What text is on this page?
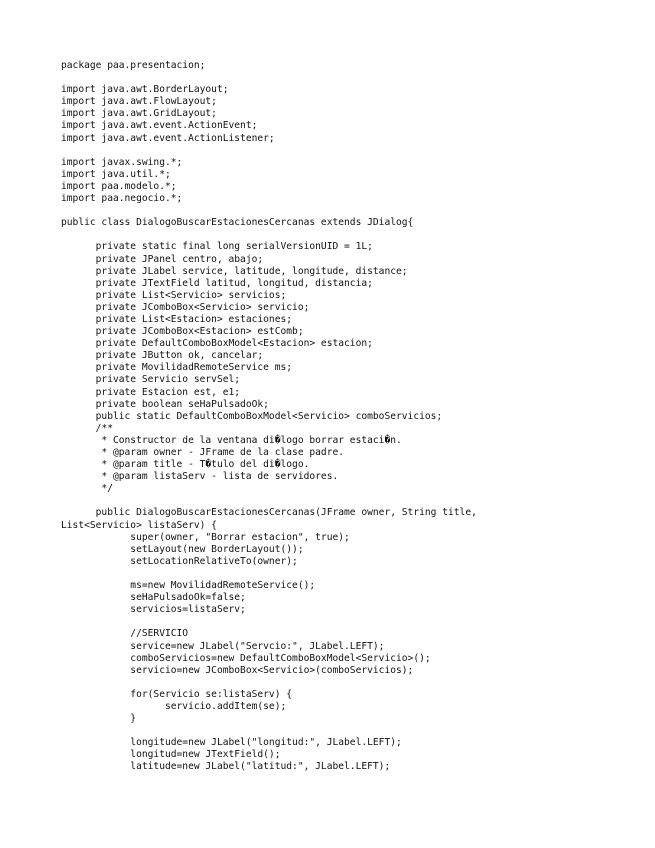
package paa.presentacion;
import java.awt.BorderLayout;
import java.awt.FlowLayout;
import java.awt.GridLayout;
import java.awt.event.ActionEvent;
import java.awt.event.ActionListener;
import javax.swing.*;
import java.util.*;
import paa.modelo.*;
import paa.negocio.*;
public class DialogoBuscarEstacionesCercanas extends JDialog{
private static final long serialVersionUID = 1L;
private JPanel centro, abajo;
private JLabel service, latitude, longitude, distance;
private JTextField latitud, longitud, distancia;
private List<Servicio> servicios;
private JComboBox<Servicio> servicio;
private List<Estacion> estaciones;
private JComboBox<Estacion> estComb;
private DefaultComboBoxModel<Estacion> estacion;
private JButton ok, cancelar;
private MovilidadRemoteService ms;
private Servicio servSel;
private Estacion est, e1;
private boolean seHaPulsadoOk;
public static DefaultComboBoxModel<Servicio> comboServicios;
/**
* Constructor de la ventana di�logo borrar estaci�n.
* @param owner - JFrame de la clase padre.
* @param title - T�tulo del di�logo.
* @param listaServ - lista de servidores.
*/
public DialogoBuscarEstacionesCercanas(JFrame owner, String title,
List<Servicio> listaServ) {
super(owner, "Borrar estacion", true);
setLayout(new BorderLayout());
setLocationRelativeTo(owner);
ms=new MovilidadRemoteService();
seHaPulsadoOk=false;
servicios=listaServ;
//SERVICIO
service=new JLabel("Servcio:", JLabel.LEFT);
comboServicios=new DefaultComboBoxModel<Servicio>();
servicio=new JComboBox<Servicio>(comboServicios);
for(Servicio se:listaServ) {
servicio.addItem(se);
}
longitude=new JLabel("longitud:", JLabel.LEFT);
longitud=new JTextField();
latitude=new JLabel("latitud:", JLabel.LEFT);
